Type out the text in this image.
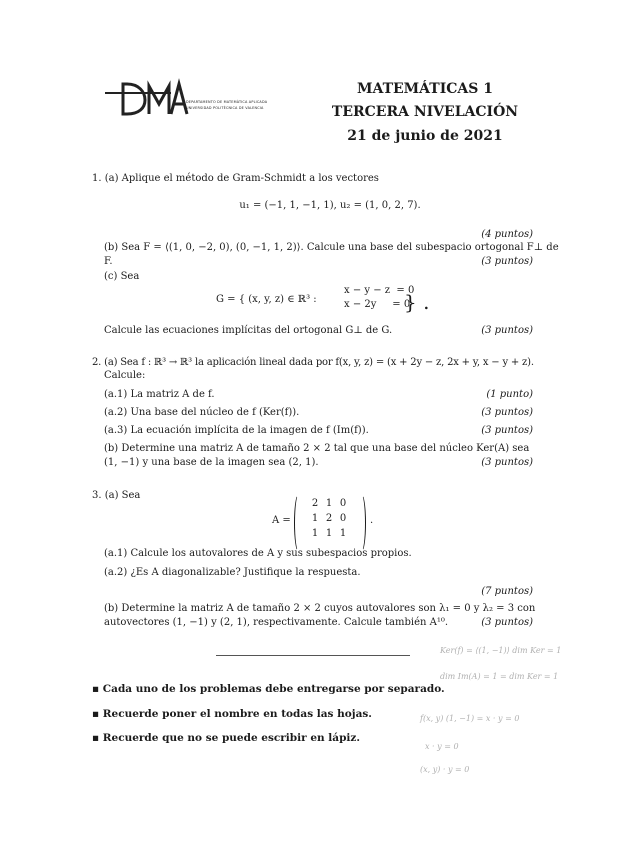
DEPARTAMENTO DE MATEMÀTICA APLICADA
UNIVERSIDAD POLITÉCNICA DE VALENCIA
MATEMÁTICAS 1
TERCERA NIVELACIÓN
21 de junio de 2021
1. (a) Aplique el método de Gram-Schmidt a los vectores
u₁ = (−1, 1, −1, 1), u₂ = (1, 0, 2, 7).
(4 puntos)
(b) Sea F = ⟨(1, 0, −2, 0), (0, −1, 1, 2)⟩. Calcule una base del subespacio ortogonal F⊥ de
F.	(3 puntos)
(c) Sea
G = { (x, y, z) ∈ ℝ³ :
x − y − z  = 0
x − 2y     = 0
} .
Calcule las ecuaciones implícitas del ortogonal G⊥ de G.	(3 puntos)
2. (a) Sea f : ℝ³ → ℝ³ la aplicación lineal dada por f(x, y, z) = (x + 2y − z, 2x + y, x − y + z).
Calcule:
(a.1) La matriz A de f.	(1 punto)
(a.2) Una base del núcleo de f (Ker(f)).	(3 puntos)
(a.3) La ecuación implícita de la imagen de f (Im(f)).	(3 puntos)
(b) Determine una matriz A de tamaño 2 × 2 tal que una base del núcleo Ker(A) sea
(1, −1) y una base de la imagen sea (2, 1).	(3 puntos)
3. (a) Sea
A =
2 1 0
1 2 0
1 1 1
.
(a.1) Calcule los autovalores de A y sus subespacios propios.
(a.2) ¿Es A diagonalizable? Justifique la respuesta.
(7 puntos)
(b) Determine la matriz A de tamaño 2 × 2 cuyos autovalores son λ₁ = 0 y λ₂ = 3 con
autovectores (1, −1) y (2, 1), respectivamente. Calcule también A¹⁰.	(3 puntos)
▪ Cada uno de los problemas debe entregarse por separado.
▪ Recuerde poner el nombre en todas las hojas.
▪ Recuerde que no se puede escribir en lápiz.
Ker(f) = ⟨(1, −1)⟩ dim Ker = 1
dim Im(A) = 1 = dim Ker = 1
f(x, y) (1, −1) = x · y = 0
x · y = 0
(x, y) · y = 0
